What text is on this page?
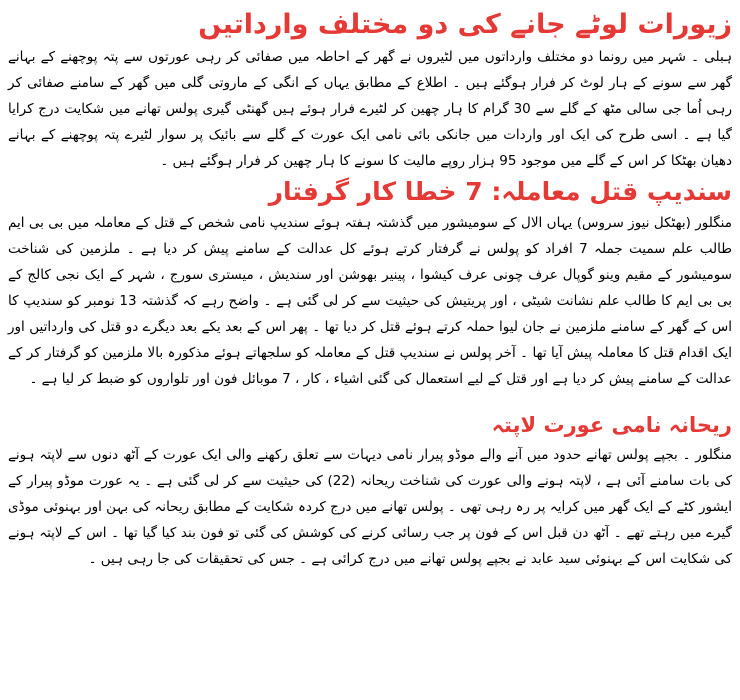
زیورات لوٹے جانے کی دو مختلف وارداتیں

ہبلی ۔ شہر میں رونما دو مختلف وارداتوں میں لٹیروں نے گھر کے احاطہ میں صفائی کر رہی عورتوں سے پتہ پوچھنے کے بہانے گھر سے سونے کے ہار لوٹ کر فرار ہوگئے ہیں ۔ اطلاع کے مطابق یہاں کے انگی کے ماروتی گلی میں گھر کے سامنے صفائی کر رہی اُما جی سالی مٹھ کے گلے سے 30 گرام کا ہار چھین کر لٹیرے فرار ہوئے ہیں گھنٹی گیری پولس تھانے میں شکایت درج کرایا گیا ہے ۔ اسی طرح کی ایک اور واردات میں جانکی بائی نامی ایک عورت کے گلے سے بائیک پر سوار لٹیرے پتہ پوچھنے کے بہانے دھیان بھٹکا کر اس کے گلے میں موجود 95 ہزار روپے مالیت کا سونے کا ہار چھین کر فرار ہوگئے ہیں ۔

سندیپ قتل معاملہ: 7 خطا کار گرفتار

منگلور (بھٹکل نیوز سروس) یہاں الال کے سومیشور میں گذشتہ ہفتہ ہوئے سندیپ نامی شخص کے قتل کے معاملہ میں بی بی ایم طالب علم سمیت جملہ 7 افراد کو پولس نے گرفتار کرتے ہوئے کل عدالت کے سامنے پیش کر دیا ہے ۔ ملزمین کی شناخت سومیشور کے مقیم وینو گوپال عرف چونی عرف کیشوا ، پینیر بھوشن اور سندیش ، میستری سورج ، شہر کے ایک نجی کالج کے بی بی ایم کا طالب علم نشانت شیٹی ، اور پریتیش کی حیثیت سے کر لی گئی ہے ۔ واضح رہے کہ گذشتہ 13 نومبر کو سندیپ کا اس کے گھر کے سامنے ملزمین نے جان لیوا حملہ کرتے ہوئے قتل کر دیا تھا ۔ پھر اس کے بعد یکے بعد دیگرے دو قتل کی وارداتیں اور ایک اقدام قتل کا معاملہ پیش آیا تھا ۔ آخر پولس نے سندیپ قتل کے معاملہ کو سلجھاتے ہوئے مذکورہ بالا ملزمین کو گرفتار کر کے عدالت کے سامنے پیش کر دیا ہے اور قتل کے لیے استعمال کی گئی اشیاء ، کار ، 7 موبائل فون اور تلواروں کو ضبط کر لیا ہے ۔

ریحانہ نامی عورت لاپتہ

منگلور ۔ بجپے پولس تھانے حدود میں آنے والے موڈو پیرار نامی دیہات سے تعلق رکھنے والی ایک عورت کے آٹھ دنوں سے لاپتہ ہونے کی بات سامنے آئی ہے ، لاپتہ ہونے والی عورت کی شناخت ریحانہ (22) کی حیثیت سے کر لی گئی ہے ۔ یہ عورت موڈو پیرار کے ایشور کٹے کے ایک گھر میں کرایہ پر رہ رہی تھی ۔ پولس تھانے میں درج کردہ شکایت کے مطابق ریحانہ کی بہن اور بہنوئی موڈی گیرے میں رہتے تھے ۔ آٹھ دن قبل اس کے فون پر جب رسائی کرنے کی کوشش کی گئی تو فون بند کیا گیا تھا ۔ اس کے لاپتہ ہونے کی شکایت اس کے بہنوئی سید عابد نے بجپے پولس تھانے میں درج کرائی ہے ۔ جس کی تحقیقات کی جا رہی ہیں ۔
